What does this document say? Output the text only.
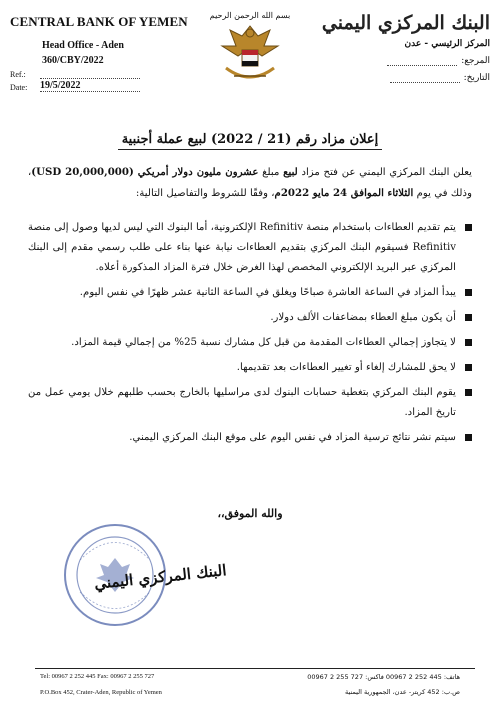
CENTRAL BANK OF YEMEN
Head Office - Aden
360/CBY/2022
Ref.:

Date:	19/5/2022
بسم الله الرحمن الرحيم البنك المركزي اليمني
المركز الرئيسي - عدن
المرجع:
التاريخ:
إعلان مزاد رقم (21 / 2022) لبيع عملة أجنبية
يعلن البنك المركزي اليمني عن فتح مزاد لبيع مبلغ عشرون مليون دولار أمريكي (20,000,000 USD)، وذلك في يوم الثلاثاء الموافق 24 مايو 2022م، وفقًا للشروط والتفاصيل التالية:
يتم تقديم العطاءات باستخدام منصة Refinitiv الإلكترونية، أما البنوك التي ليس لديها وصول إلى منصة Refinitiv فسيقوم البنك المركزي بتقديم العطاءات نيابة عنها بناء على طلب رسمي مقدم إلى البنك المركزي عبر البريد الإلكتروني المخصص لهذا الغرض خلال فترة المزاد المذكورة أعلاه.
يبدأ المزاد في الساعة العاشرة صباحًا ويغلق في الساعة الثانية عشر ظهرًا في نفس اليوم.
أن يكون مبلغ العطاء بمضاعفات الألف دولار.
لا يتجاوز إجمالي العطاءات المقدمة من قبل كل مشارك نسبة 25% من إجمالي قيمة المزاد.
لا يحق للمشارك إلغاء أو تغيير العطاءات بعد تقديمها.
يقوم البنك المركزي بتغطية حسابات البنوك لدى مراسليها بالخارج بحسب طلبهم خلال يومي عمل من تاريخ المزاد.
سيتم نشر نتائج ترسية المزاد في نفس اليوم على موقع البنك المركزي اليمني.
والله الموفق،،
البنك المركزي اليمني
Tel: 00967 2 252 445 Fax: 00967 2 255 727
P.O.Box 452, Crater-Aden, Republic of Yemen
هاتف: 445 252 2 00967 فاكس: 727 255 2 00967
ص.ب: 452 كريتر- عدن، الجمهورية اليمنية
